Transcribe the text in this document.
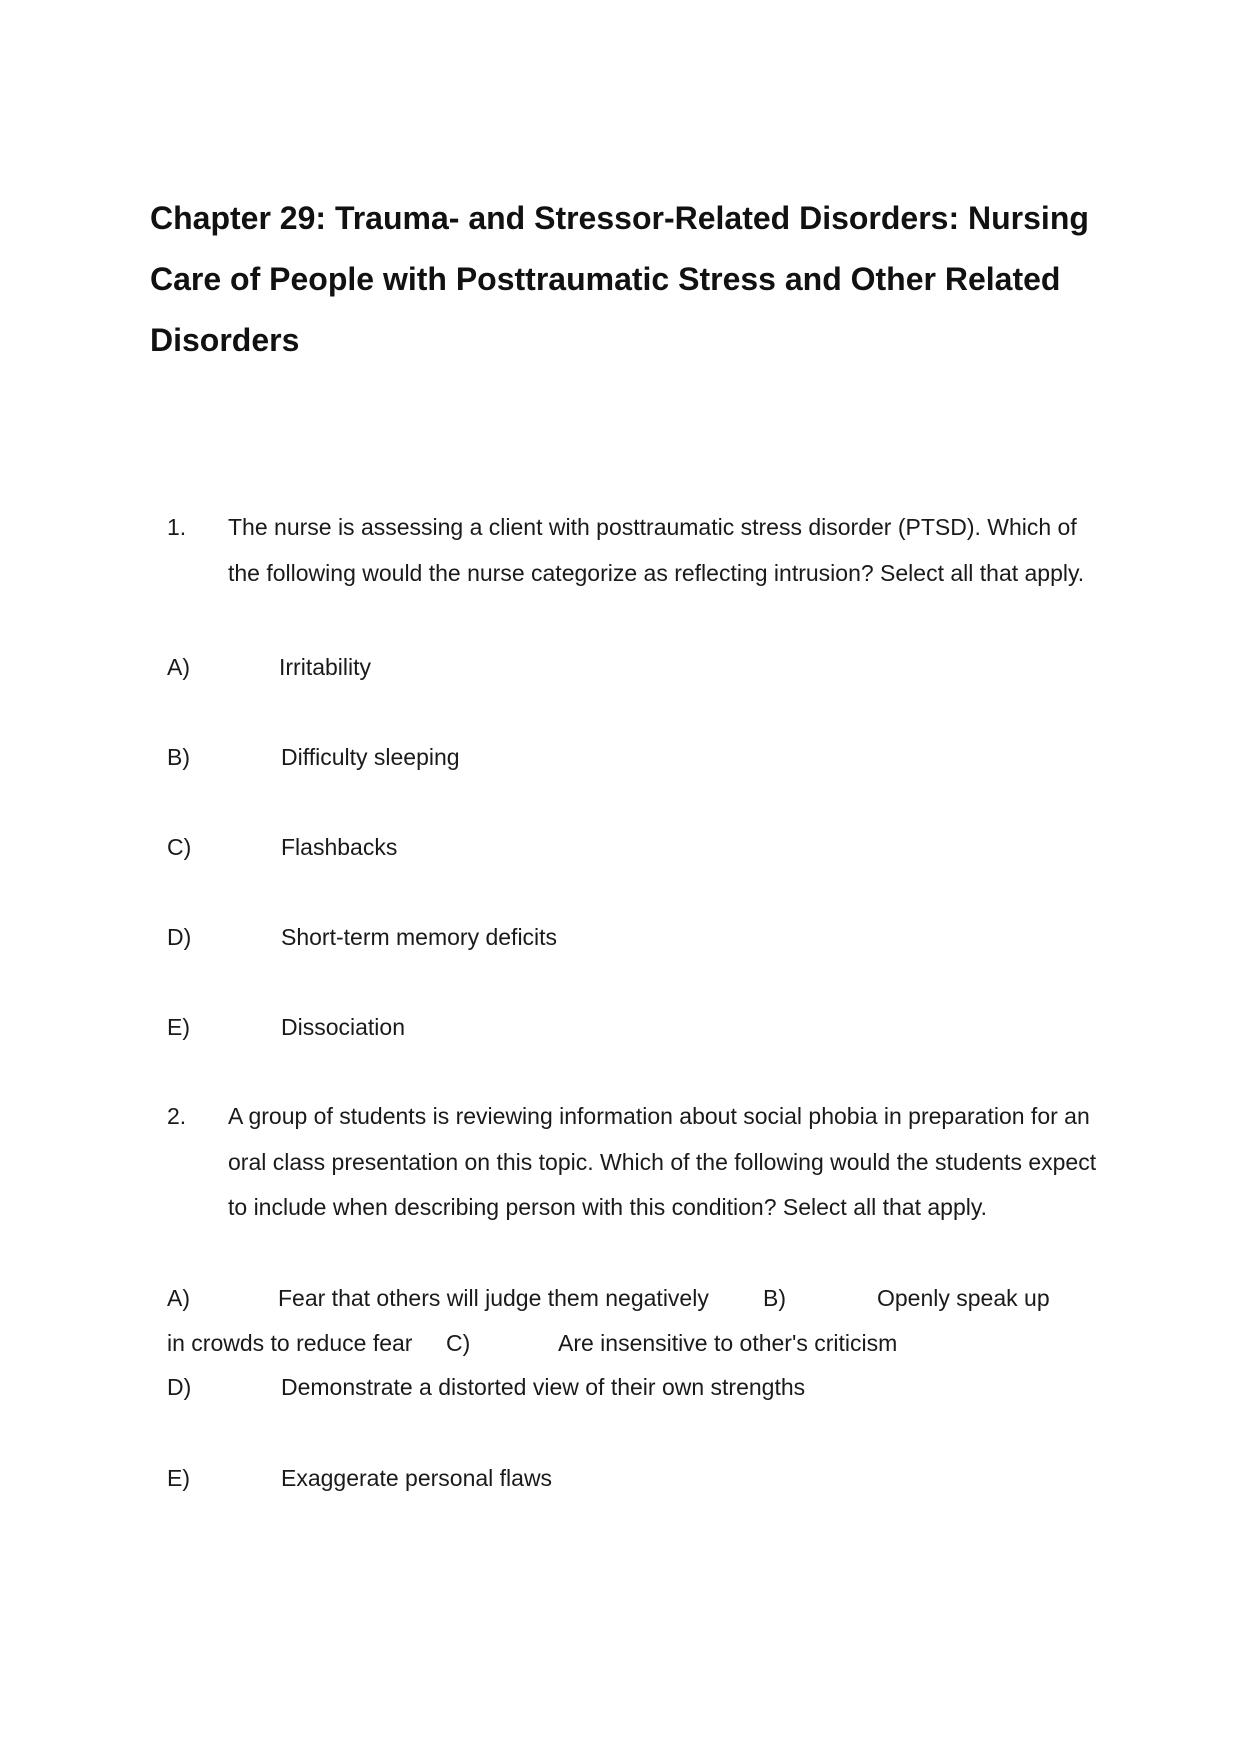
Chapter 29: Trauma- and Stressor-Related Disorders: Nursing Care of People with Posttraumatic Stress and Other Related Disorders
1. The nurse is assessing a client with posttraumatic stress disorder (PTSD). Which of the following would the nurse categorize as reflecting intrusion? Select all that apply.
A)	Irritability
B)	Difficulty sleeping
C)	Flashbacks
D)	Short-term memory deficits
E)	Dissociation
2. A group of students is reviewing information about social phobia in preparation for an oral class presentation on this topic. Which of the following would the students expect to include when describing person with this condition? Select all that apply.
A)	Fear that others will judge them negatively B)	Openly speak up
in crowds to reduce fear C)	Are insensitive to other's criticism
D)	Demonstrate a distorted view of their own strengths
E)	Exaggerate personal flaws
